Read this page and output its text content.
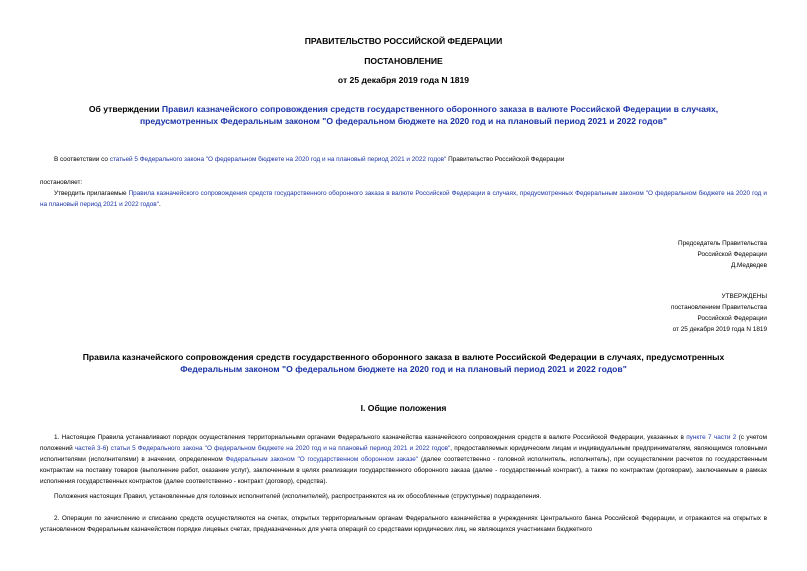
ПРАВИТЕЛЬСТВО РОССИЙСКОЙ ФЕДЕРАЦИИ
ПОСТАНОВЛЕНИЕ
от 25 декабря 2019 года N 1819
Об утверждении Правил казначейского сопровождения средств государственного оборонного заказа в валюте Российской Федерации в случаях,
предусмотренных Федеральным законом "О федеральном бюджете на 2020 год и на плановый период 2021 и 2022 годов"
В соответствии со статьей 5 Федерального закона "О федеральном бюджете на 2020 год и на плановый период 2021 и 2022 годов" Правительство Российской Федерации
постановляет:
Утвердить прилагаемые Правила казначейского сопровождения средств государственного оборонного заказа в валюте Российской Федерации в случаях, предусмотренных Федеральным законом "О федеральном бюджете на 2020 год и на плановый период 2021 и 2022 годов".
Председатель Правительства
Российской Федерации
Д.Медведев
УТВЕРЖДЕНЫ
постановлением Правительства
Российской Федерации
от 25 декабря 2019 года N 1819
Правила казначейского сопровождения средств государственного оборонного заказа в валюте Российской Федерации в случаях, предусмотренных
Федеральным законом "О федеральном бюджете на 2020 год и на плановый период 2021 и 2022 годов"
I. Общие положения
1. Настоящие Правила устанавливают порядок осуществления территориальными органами Федерального казначейства казначейского сопровождения средств в валюте Российской Федерации, указанных в пункте 7 части 2 (с учетом положений частей 3-6) статьи 5 Федерального закона "О федеральном бюджете на 2020 год и на плановый период 2021 и 2022 годов", предоставляемых юридическим лицам и индивидуальным предпринимателям, являющимся головными исполнителями (исполнителями) в значении, определенном Федеральным законом "О государственном оборонном заказе" (далее соответственно - головной исполнитель, исполнитель), при осуществлении расчетов по государственным контрактам на поставку товаров (выполнение работ, оказание услуг), заключенным в целях реализации государственного оборонного заказа (далее - государственный контракт), а также по контрактам (договорам), заключаемым в рамках исполнения государственных контрактов (далее соответственно - контракт (договор), средства).
Положения настоящих Правил, установленные для головных исполнителей (исполнителей), распространяются на их обособленные (структурные) подразделения.
2. Операции по зачислению и списанию средств осуществляются на счетах, открытых территориальным органам Федерального казначейства в учреждениях Центрального банка Российской Федерации, и отражаются на открытых в установленном Федеральным казначейством порядке лицевых счетах, предназначенных для учета операций со средствами юридических лиц, не являющихся участниками бюджетного
